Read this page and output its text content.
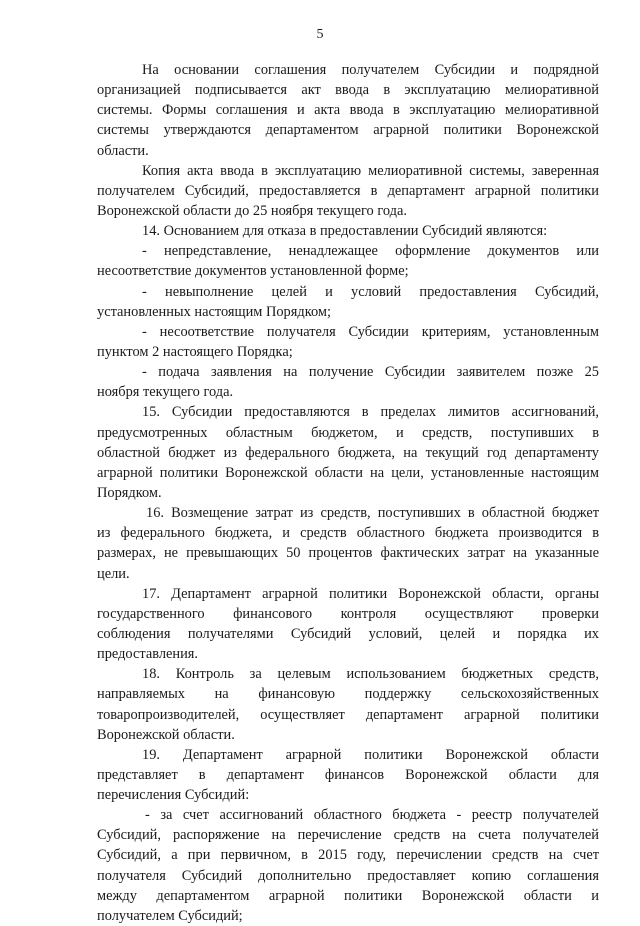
5
На основании соглашения получателем Субсидии и подрядной
организацией подписывается акт ввода в эксплуатацию мелиоративной
системы. Формы соглашения и акта ввода в эксплуатацию мелиоративной
системы утверждаются департаментом аграрной политики Воронежской
области.
Копия акта ввода в эксплуатацию мелиоративной системы, заверенная
получателем Субсидий, предоставляется в департамент аграрной политики
Воронежской области до 25 ноября текущего года.
14. Основанием для отказа в предоставлении Субсидий являются:
- непредставление, ненадлежащее оформление документов или
несоответствие документов установленной форме;
- невыполнение целей и условий предоставления Субсидий,
установленных настоящим Порядком;
- несоответствие получателя Субсидии критериям, установленным
пунктом 2 настоящего Порядка;
- подача заявления на получение Субсидии заявителем позже 25
ноября текущего года.
15. Субсидии предоставляются в пределах лимитов ассигнований,
предусмотренных областным бюджетом, и средств, поступивших в
областной бюджет из федерального бюджета, на текущий год департаменту
аграрной политики Воронежской области на цели, установленные настоящим
Порядком.
16. Возмещение затрат из средств, поступивших в областной бюджет
из федерального бюджета, и средств областного бюджета производится в
размерах, не превышающих 50 процентов фактических затрат на указанные
цели.
17. Департамент аграрной политики Воронежской области, органы
государственного финансового контроля осуществляют проверки
соблюдения получателями Субсидий условий, целей и порядка их
предоставления.
18. Контроль за целевым использованием бюджетных средств,
направляемых на финансовую поддержку сельскохозяйственных
товаропроизводителей, осуществляет департамент аграрной политики
Воронежской области.
19. Департамент аграрной политики Воронежской области
представляет в департамент финансов Воронежской области для
перечисления Субсидий:
- за счет ассигнований областного бюджета - реестр получателей
Субсидий, распоряжение на перечисление средств на счета получателей
Субсидий, а при первичном, в 2015 году, перечислении средств на счет
получателя Субсидий дополнительно предоставляет копию соглашения
между департаментом аграрной политики Воронежской области и
получателем Субсидий;
